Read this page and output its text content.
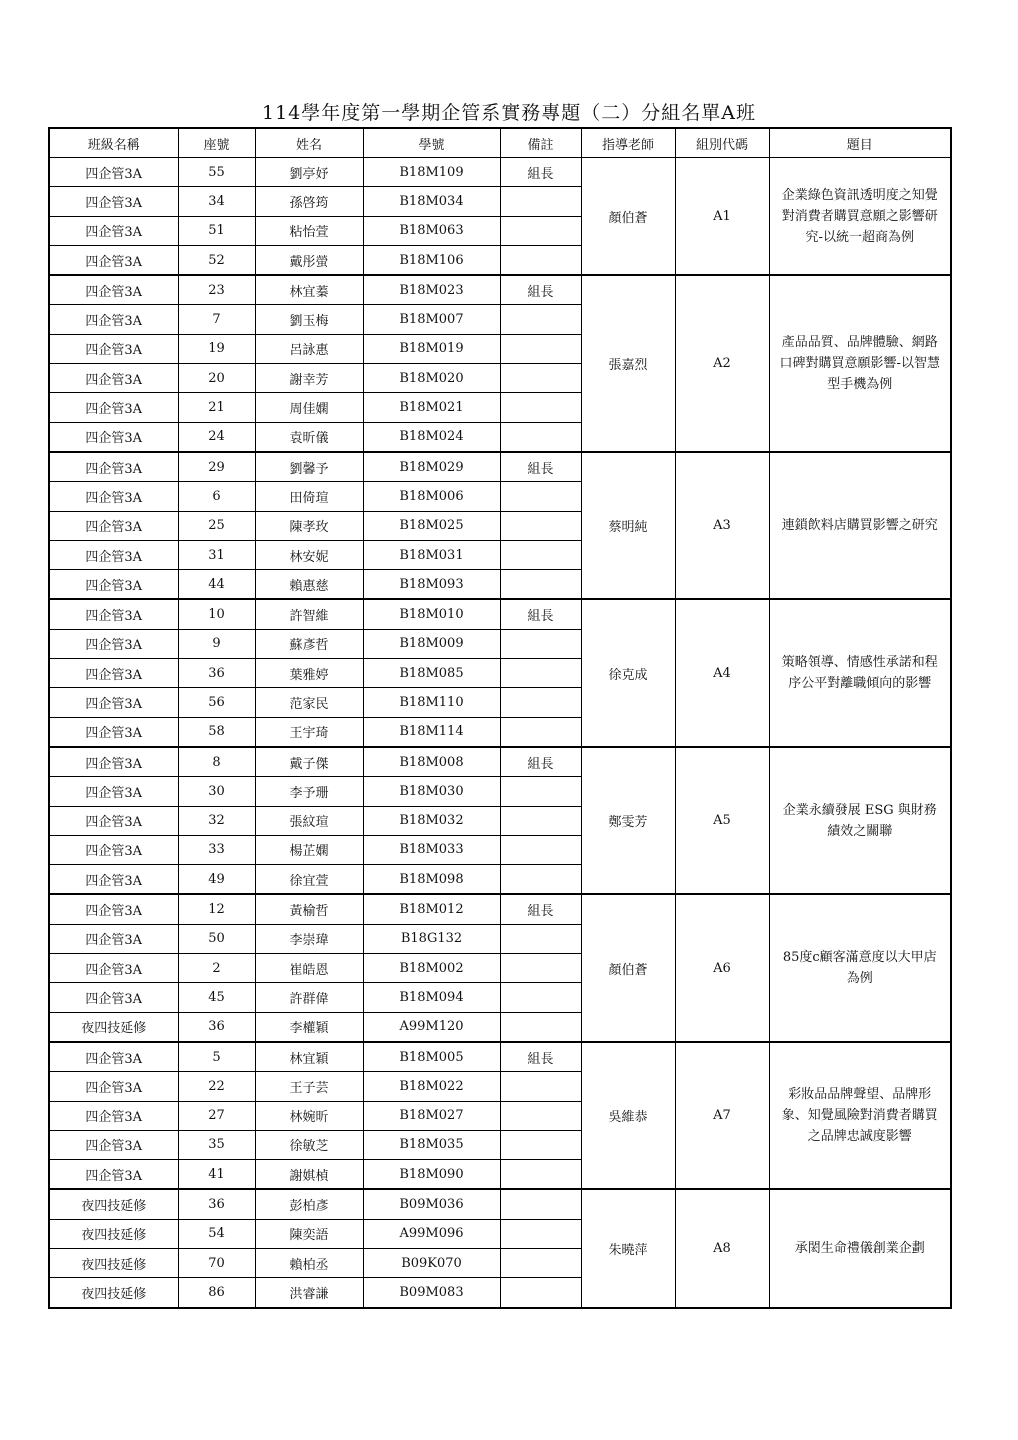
114學年度第一學期企管系實務專題（二）分組名單A班
班級名稱	座號	姓名	學號	備註	指導老師	組別代碼	題目
四企管3A	55	劉亭妤	B18M109	組長	顏伯蒼	A1	企業綠色資訊透明度之知覺對消費者購買意願之影響研究-以統一超商為例
四企管3A	34	孫啓筠	B18M034				
四企管3A	51	粘怡萱	B18M063				
四企管3A	52	戴彤螢	B18M106				
四企管3A	23	林宜蓁	B18M023	組長	張嘉烈	A2	產品品質、品牌體驗、網路口碑對購買意願影響-以智慧型手機為例
四企管3A	7	劉玉梅	B18M007				
四企管3A	19	呂詠惠	B18M019				
四企管3A	20	謝幸芳	B18M020				
四企管3A	21	周佳嫻	B18M021				
四企管3A	24	袁昕儀	B18M024				
四企管3A	29	劉馨予	B18M029	組長	蔡明純	A3	連鎖飲料店購買影響之研究
四企管3A	6	田倚瑄	B18M006				
四企管3A	25	陳孝玫	B18M025				
四企管3A	31	林安妮	B18M031				
四企管3A	44	賴惠慈	B18M093				
四企管3A	10	許智維	B18M010	組長	徐克成	A4	策略領導、情感性承諾和程序公平對離職傾向的影響
四企管3A	9	蘇彥哲	B18M009				
四企管3A	36	葉雅婷	B18M085				
四企管3A	56	范家民	B18M110				
四企管3A	58	王宇琦	B18M114				
四企管3A	8	戴子傑	B18M008	組長	鄭雯芳	A5	企業永續發展 ESG 與財務績效之關聯
四企管3A	30	李予珊	B18M030				
四企管3A	32	張紋瑄	B18M032				
四企管3A	33	楊芷嫻	B18M033				
四企管3A	49	徐宜萱	B18M098				
四企管3A	12	黃榆哲	B18M012	組長	顏伯蒼	A6	85度c顧客滿意度以大甲店為例
四企管3A	50	李崇瑋	B18G132				
四企管3A	2	崔皓恩	B18M002				
四企管3A	45	許群偉	B18M094				
夜四技延修	36	李權穎	A99M120				
四企管3A	5	林宜穎	B18M005	組長	吳維恭	A7	彩妝品品牌聲望、品牌形象、知覺風險對消費者購買之品牌忠誠度影響
四企管3A	22	王子芸	B18M022				
四企管3A	27	林婉昕	B18M027				
四企管3A	35	徐敏芝	B18M035				
四企管3A	41	謝娸楨	B18M090				
夜四技延修	36	彭柏彥	B09M036		朱曉萍	A8	承閎生命禮儀創業企劃
夜四技延修	54	陳奕語	A99M096				
夜四技延修	70	賴柏丞	B09K070				
夜四技延修	86	洪睿謙	B09M083				
